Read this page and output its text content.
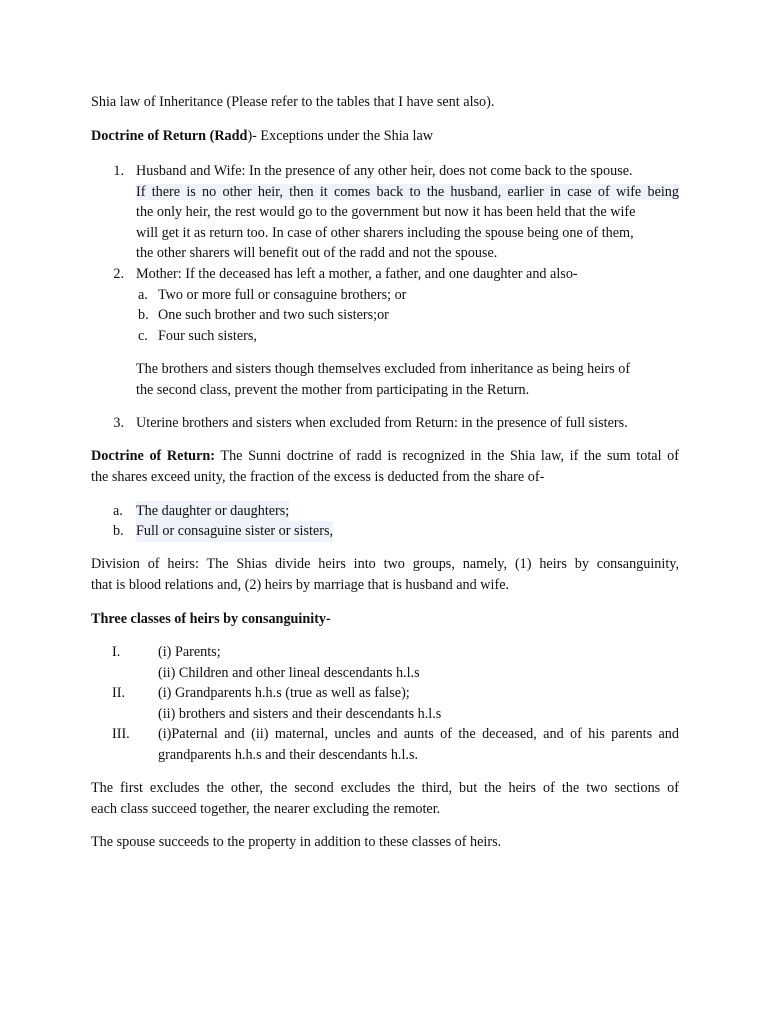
Shia law of Inheritance (Please refer to the tables that I have sent also).

Doctrine of Return (Radd)- Exceptions under the Shia law

1. Husband and Wife: In the presence of any other heir, does not come back to the spouse.
If there is no other heir, then it comes back to the husband, earlier in case of wife being
the only heir, the rest would go to the government but now it has been held that the wife
will get it as return too. In case of other sharers including the spouse being one of them,
the other sharers will benefit out of the radd and not the spouse.
2. Mother: If the deceased has left a mother, a father, and one daughter and also-
a. Two or more full or consaguine brothers; or
b. One such brother and two such sisters;or
c. Four such sisters,
The brothers and sisters though themselves excluded from inheritance as being heirs of
the second class, prevent the mother from participating in the Return.
3. Uterine brothers and sisters when excluded from Return: in the presence of full sisters.
Doctrine of Return: The Sunni doctrine of radd is recognized in the Shia law, if the sum total of
the shares exceed unity, the fraction of the excess is deducted from the share of-
a. The daughter or daughters;
b. Full or consaguine sister or sisters,
Division of heirs: The Shias divide heirs into two groups, namely, (1) heirs by consanguinity,
that is blood relations and, (2) heirs by marriage that is husband and wife.

Three classes of heirs by consanguinity-

I.	(i) Parents;
(ii) Children and other lineal descendants h.l.s
II. (i) Grandparents h.h.s (true as well as false);
(ii) brothers and sisters and their descendants h.l.s
III. (i)Paternal and (ii) maternal, uncles and aunts of the deceased, and of his parents and
grandparents h.h.s and their descendants h.l.s.
The first excludes the other, the second excludes the third, but the heirs of the two sections of
each class succeed together, the nearer excluding the remoter.

The spouse succeeds to the property in addition to these classes of heirs.
